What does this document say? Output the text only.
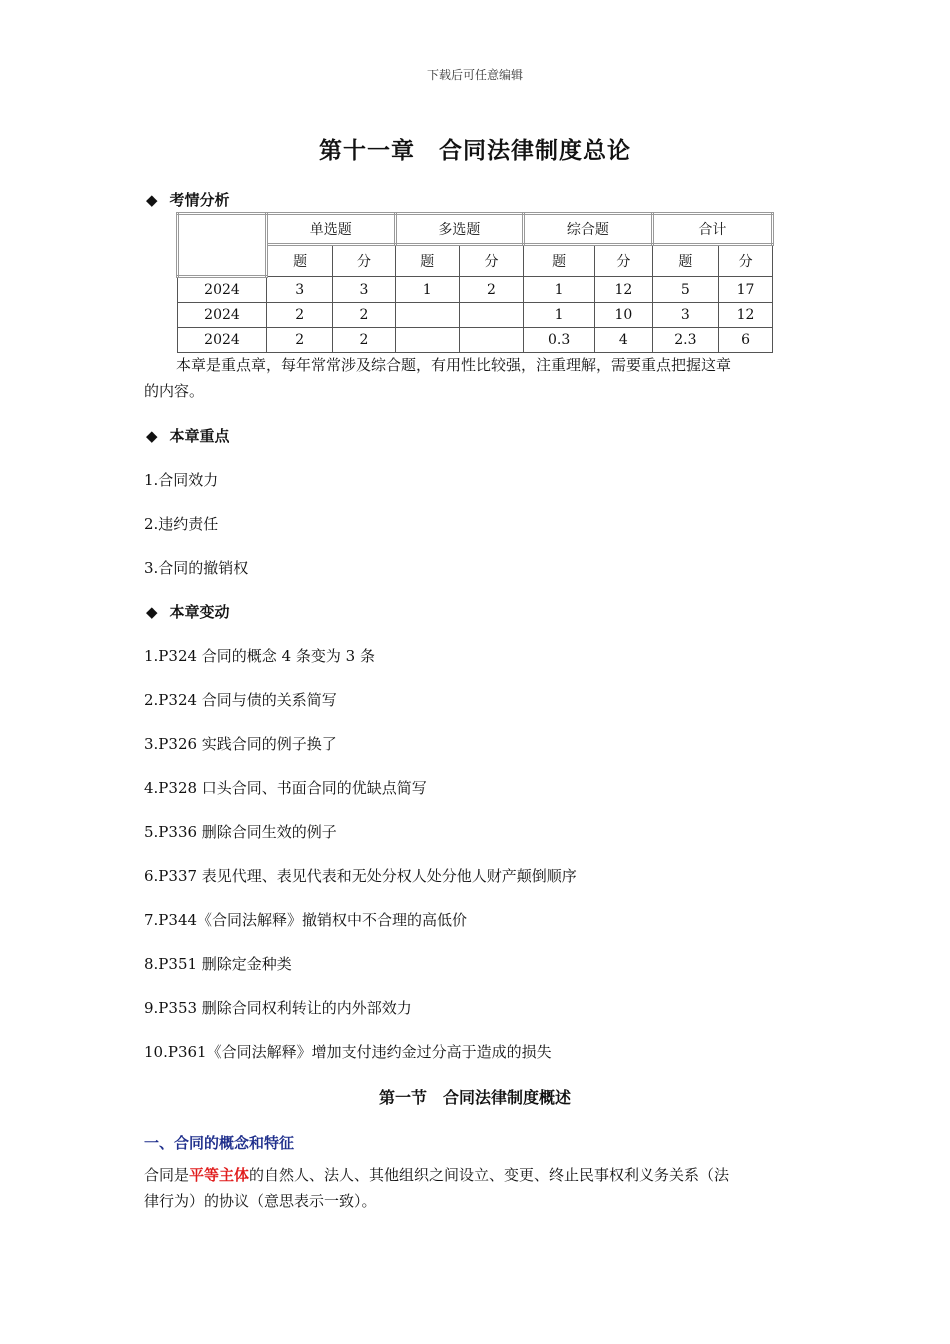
下载后可任意编辑
第十一章　合同法律制度总论
◆ 考情分析
	单选题		多选题		综合题		合计	
	题	分	题	分	题	分	题	分
2024	3	3	1	2	1	12	5	17
2024	2	2			1	10	3	12
2024	2	2			0.3	4	2.3	6
本章是重点章，每年常常涉及综合题，有用性比较强，注重理解，需要重点把握这章
的内容。
◆ 本章重点
1.合同效力
2.违约责任
3.合同的撤销权
◆ 本章变动
1.P324 合同的概念 4 条变为 3 条
2.P324 合同与债的关系简写
3.P326 实践合同的例子换了
4.P328 口头合同、书面合同的优缺点简写
5.P336 删除合同生效的例子
6.P337 表见代理、表见代表和无处分权人处分他人财产颠倒顺序
7.P344《合同法解释》撤销权中不合理的高低价
8.P351 删除定金种类
9.P353 删除合同权利转让的内外部效力
10.P361《合同法解释》增加支付违约金过分高于造成的损失
第一节　合同法律制度概述
一、合同的概念和特征
合同是平等主体的自然人、法人、其他组织之间设立、变更、终止民事权利义务关系（法
律行为）的协议（意思表示一致）。
